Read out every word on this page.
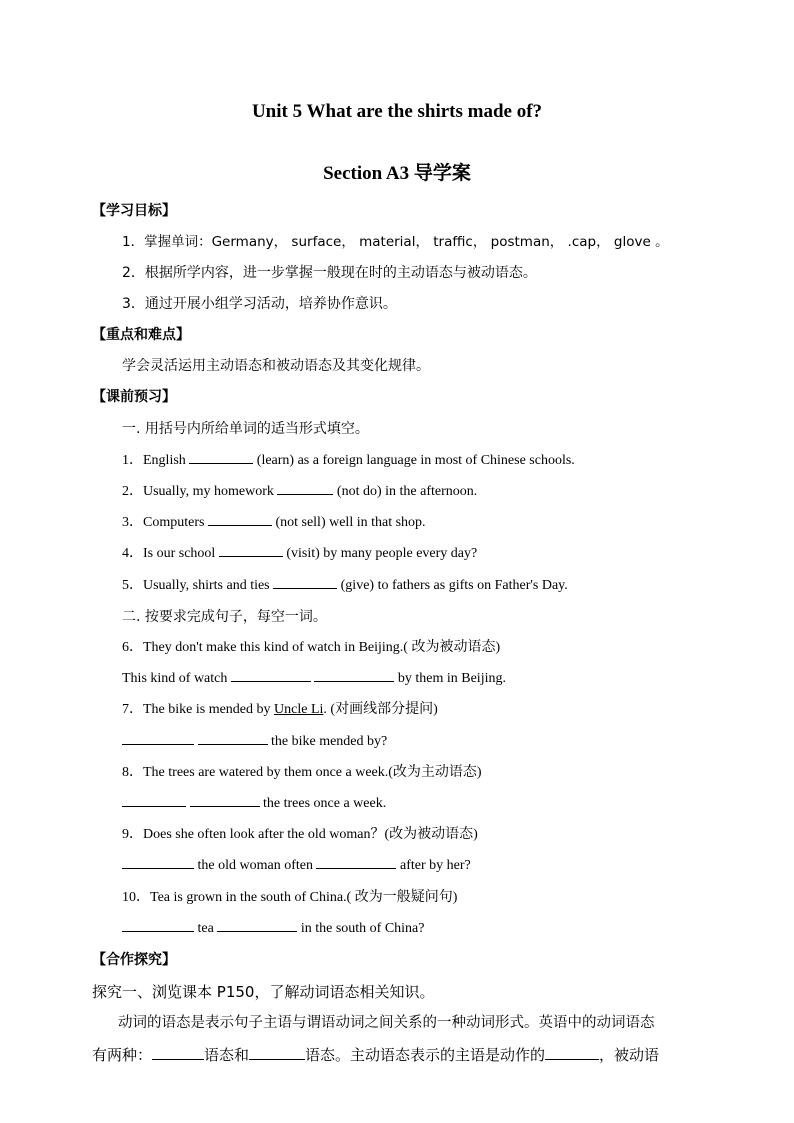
Unit 5 What are the shirts made of?
Section A3 导学案
【学习目标】
1．掌握单词：Germany， surface， material， traffic， postman， .cap， glove 。
2．根据所学内容，进一步掌握一般现在时的主动语态与被动语态。
3．通过开展小组学习活动，培养协作意识。
【重点和难点】
学会灵活运用主动语态和被动语态及其变化规律。
【课前预习】
一. 用括号内所给单词的适当形式填空。
1．English	(learn) as a foreign language in most of Chinese schools.
2．Usually, my homework	(not do) in the afternoon.
3．Computers	(not sell) well in that shop.
4．Is our school	(visit) by many people every day?
5．Usually, shirts and ties	(give) to fathers as gifts on Father's Day.
二. 按要求完成句子，每空一词。
6．They don't make this kind of watch in Beijing.( 改为被动语态)
This kind of watch	by them in Beijing.
7．The bike is mended by Uncle Li. (对画线部分提问)
the bike mended by?
8．The trees are watered by them once a week.(改为主动语态)
the trees once a week.
9．Does she often look after the old woman？(改为被动语态)
the old woman often	after by her?
10．Tea is grown in the south of China.( 改为一般疑问句)
tea	in the south of China?
【合作探究】
探究一、浏览课本 P150，了解动词语态相关知识。
动词的语态是表示句子主语与谓语动词之间关系的一种动词形式。英语中的动词语态
有两种：	语态和	语态。主动语态表示的主语是动作的	，被动语
